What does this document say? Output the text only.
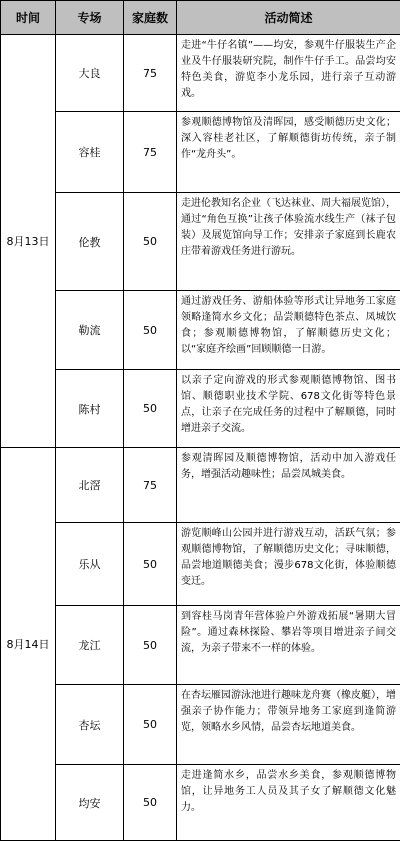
时间	专场	家庭数	活动简述
8月13日	大良	75	走进“牛仔名镇”——均安，参观牛仔服装生产企业及牛仔服装研究院，制作牛仔手工。品尝均安特色美食，游览李小龙乐园，进行亲子互动游戏。
	容桂	75	参观顺德博物馆及清晖园，感受顺德历史文化；深入容桂老社区，了解顺德街坊传统，亲子制作“龙舟头”。
	伦教	50	走进伦教知名企业（飞达袜业、周大福展览馆），通过“角色互换”让孩子体验流水线生产（袜子包装）及展览馆向导工作；安排亲子家庭到长鹿农庄带着游戏任务进行游玩。
	勒流	50	通过游戏任务、游船体验等形式让异地务工家庭领略逢简水乡文化；品尝顺德特色茶点、凤城饮食；参观顺德博物馆，了解顺德历史文化；以“家庭齐绘画”回顾顺德一日游。
	陈村	50	以亲子定向游戏的形式参观顺德博物馆、图书馆、顺德职业技术学院、678文化街等特色景点，让亲子在完成任务的过程中了解顺德，同时增进亲子交流。
8月14日	北滘	75	参观清晖园及顺德博物馆，活动中加入游戏任务，增强活动趣味性；品尝凤城美食。
	乐从	50	游览顺峰山公园并进行游戏互动，活跃气氛；参观顺德博物馆，了解顺德历史文化；寻味顺德，品尝地道顺德美食；漫步678文化街，体验顺德变迁。
	龙江	50	到容桂马岗青年营体验户外游戏拓展“暑期大冒险”。通过森林探险、攀岩等项目增进亲子间交流，为亲子带来不一样的体验。
	杏坛	50	在杏坛雁园游泳池进行趣味龙舟赛（橡皮艇），增强亲子协作能力；带领异地务工家庭到逢简游览，领略水乡风情，品尝杏坛地道美食。
	均安	50	走进逢简水乡，品尝水乡美食，参观顺德博物馆，让异地务工人员及其子女了解顺德文化魅力。
